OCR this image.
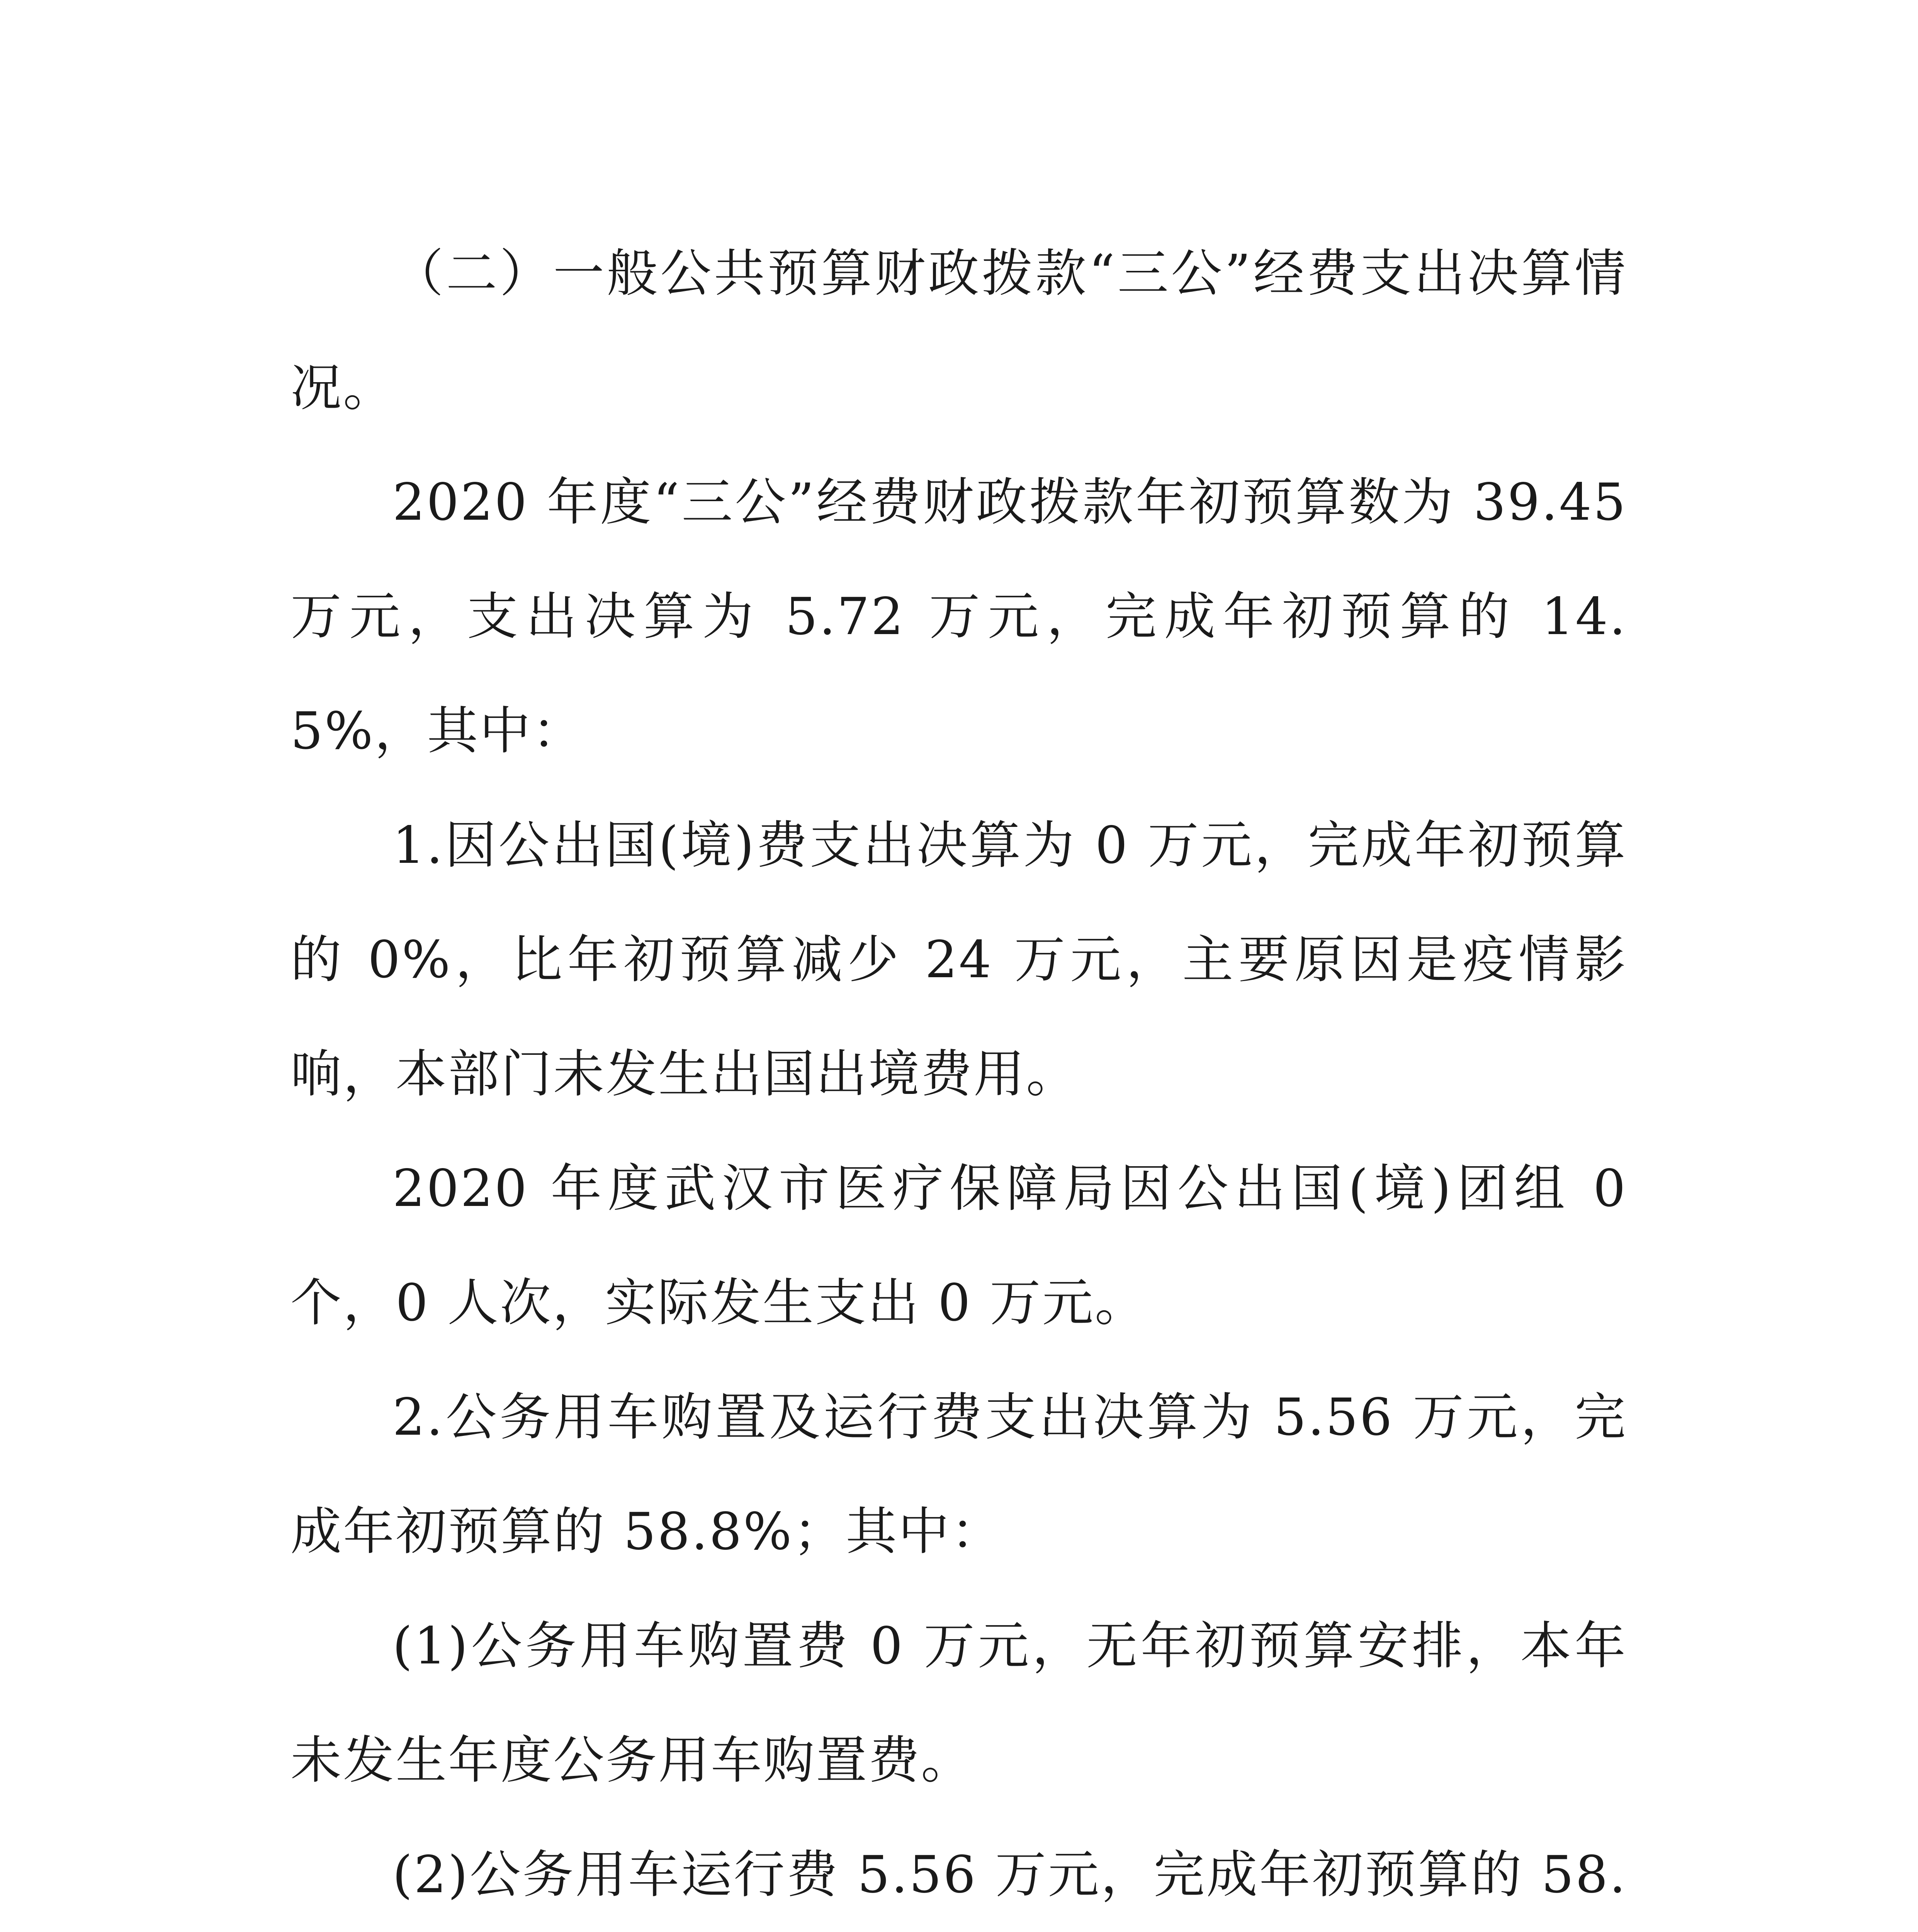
（二）一般公共预算财政拨款“三公”经费支出决算情况。

2020 年度“三公”经费财政拨款年初预算数为 39.45 万元，支出决算为 5.72 万元，完成年初预算的 14.5%，其中：

1.因公出国(境)费支出决算为 0 万元，完成年初预算的 0%，比年初预算减少 24 万元，主要原因是疫情影响，本部门未发生出国出境费用。

2020 年度武汉市医疗保障局因公出国(境)团组 0 个，0 人次，实际发生支出 0 万元。

2.公务用车购置及运行费支出决算为 5.56 万元，完成年初预算的 58.8%；其中：

(1)公务用车购置费 0 万元，无年初预算安排，本年未发生年度公务用车购置费。

(2)公务用车运行费 5.56 万元，完成年初预算的 58.
